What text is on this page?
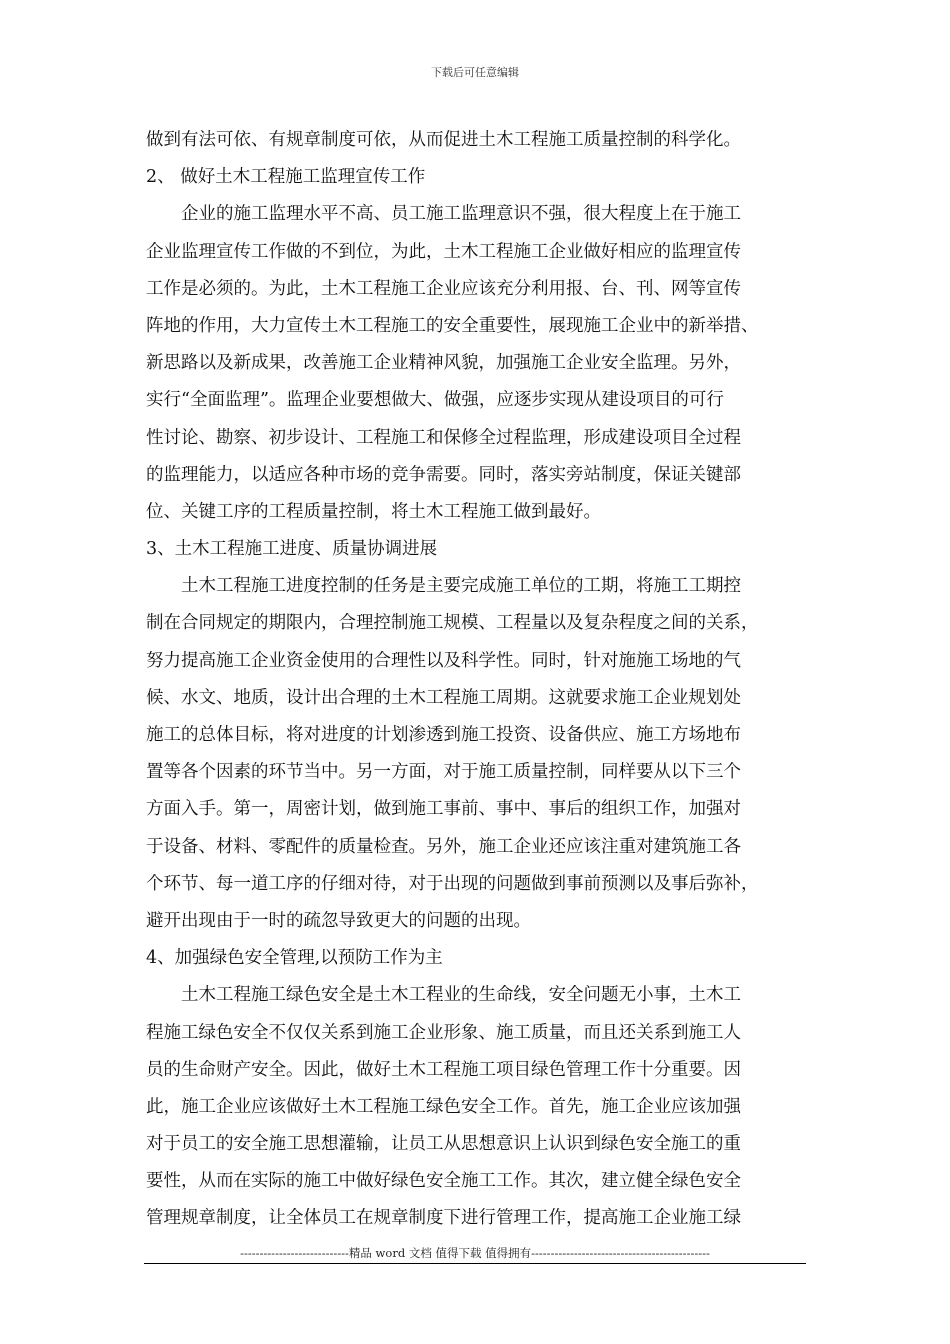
下载后可任意编辑
做到有法可依、有规章制度可依，从而促进土木工程施工质量控制的科学化。
2、 做好土木工程施工监理宣传工作
企业的施工监理水平不高、员工施工监理意识不强，很大程度上在于施工
企业监理宣传工作做的不到位，为此，土木工程施工企业做好相应的监理宣传
工作是必须的。为此，土木工程施工企业应该充分利用报、台、刊、网等宣传
阵地的作用，大力宣传土木工程施工的安全重要性，展现施工企业中的新举措、
新思路以及新成果，改善施工企业精神风貌，加强施工企业安全监理。另外，
实行“全面监理”。监理企业要想做大、做强，应逐步实现从建设项目的可行
性讨论、勘察、初步设计、工程施工和保修全过程监理，形成建设项目全过程
的监理能力，以适应各种市场的竞争需要。同时，落实旁站制度，保证关键部
位、关键工序的工程质量控制，将土木工程施工做到最好。
3、土木工程施工进度、质量协调进展
土木工程施工进度控制的任务是主要完成施工单位的工期，将施工工期控
制在合同规定的期限内，合理控制施工规模、工程量以及复杂程度之间的关系，
努力提高施工企业资金使用的合理性以及科学性。同时，针对施施工场地的气
候、水文、地质，设计出合理的土木工程施工周期。这就要求施工企业规划处
施工的总体目标，将对进度的计划渗透到施工投资、设备供应、施工方场地布
置等各个因素的环节当中。另一方面，对于施工质量控制，同样要从以下三个
方面入手。第一，周密计划，做到施工事前、事中、事后的组织工作，加强对
于设备、材料、零配件的质量检查。另外，施工企业还应该注重对建筑施工各
个环节、每一道工序的仔细对待，对于出现的问题做到事前预测以及事后弥补，
避开出现由于一时的疏忽导致更大的问题的出现。
4、加强绿色安全管理,以预防工作为主
土木工程施工绿色安全是土木工程业的生命线，安全问题无小事，土木工
程施工绿色安全不仅仅关系到施工企业形象、施工质量，而且还关系到施工人
员的生命财产安全。因此，做好土木工程施工项目绿色管理工作十分重要。因
此，施工企业应该做好土木工程施工绿色安全工作。首先，施工企业应该加强
对于员工的安全施工思想灌输，让员工从思想意识上认识到绿色安全施工的重
要性，从而在实际的施工中做好绿色安全施工工作。其次，建立健全绿色安全
管理规章制度，让全体员工在规章制度下进行管理工作，提高施工企业施工绿
----------------------------精品 word 文档 值得下载 值得拥有----------------------------------------------
